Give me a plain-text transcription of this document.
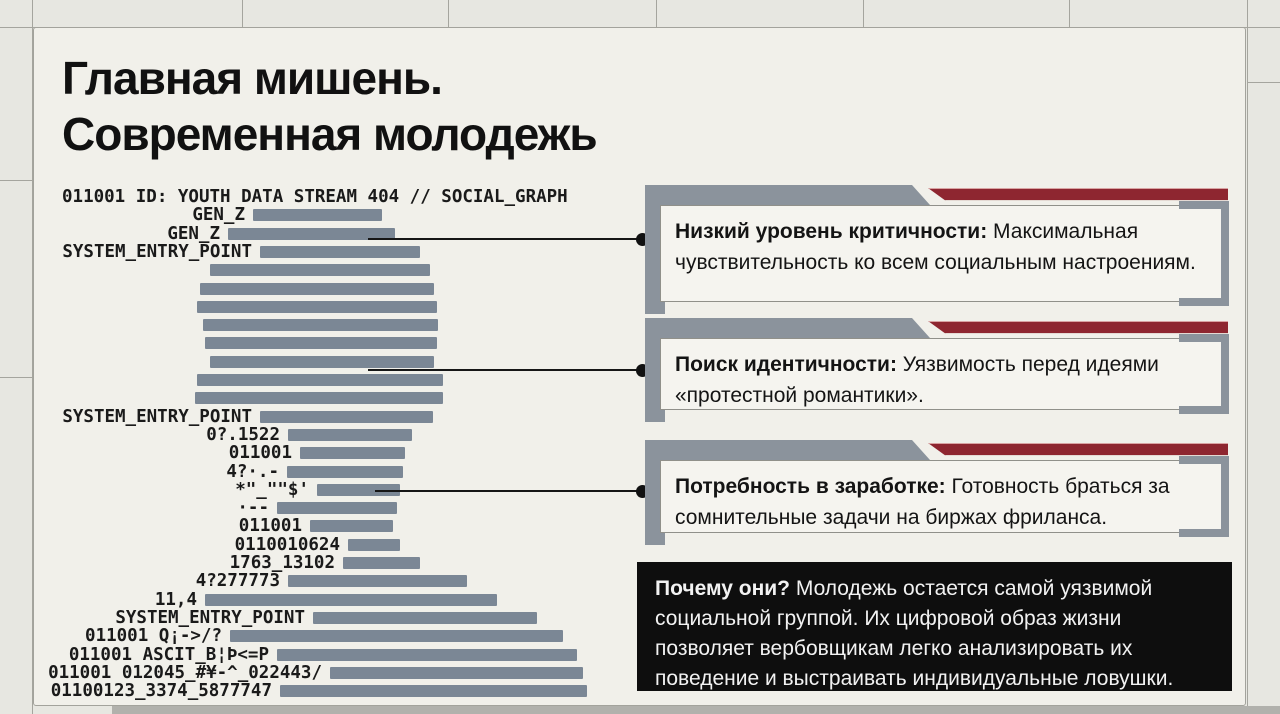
Главная мишень.
Современная молодежь
011001 ID: YOUTH DATA STREAM 404 // SOCIAL_GRAPH
GEN_Z
GEN_Z
SYSTEM_ENTRY_POINT
SYSTEM_ENTRY_POINT
0?.1522
011001
4?·.-
*"_""$'
·--
011001
0110010624
1763_13102
4?277773
11,4
SYSTEM_ENTRY_POINT
011001 Q¡->/?
011001 ASCIT_B¦Þ<=P
011001 012045_#¥-^_022443/
01100123_3374_5877747
Низкий уровень критичности: Максимальная чувствительность ко всем социальным настроениям.
Поиск идентичности: Уязвимость перед идеями «протестной романтики».
Потребность в заработке: Готовность браться за сомнительные задачи на биржах фриланса.
Почему они? Молодежь остается самой уязвимой социальной группой. Их цифровой образ жизни позволяет вербовщикам легко анализировать их поведение и выстраивать индивидуальные ловушки.
